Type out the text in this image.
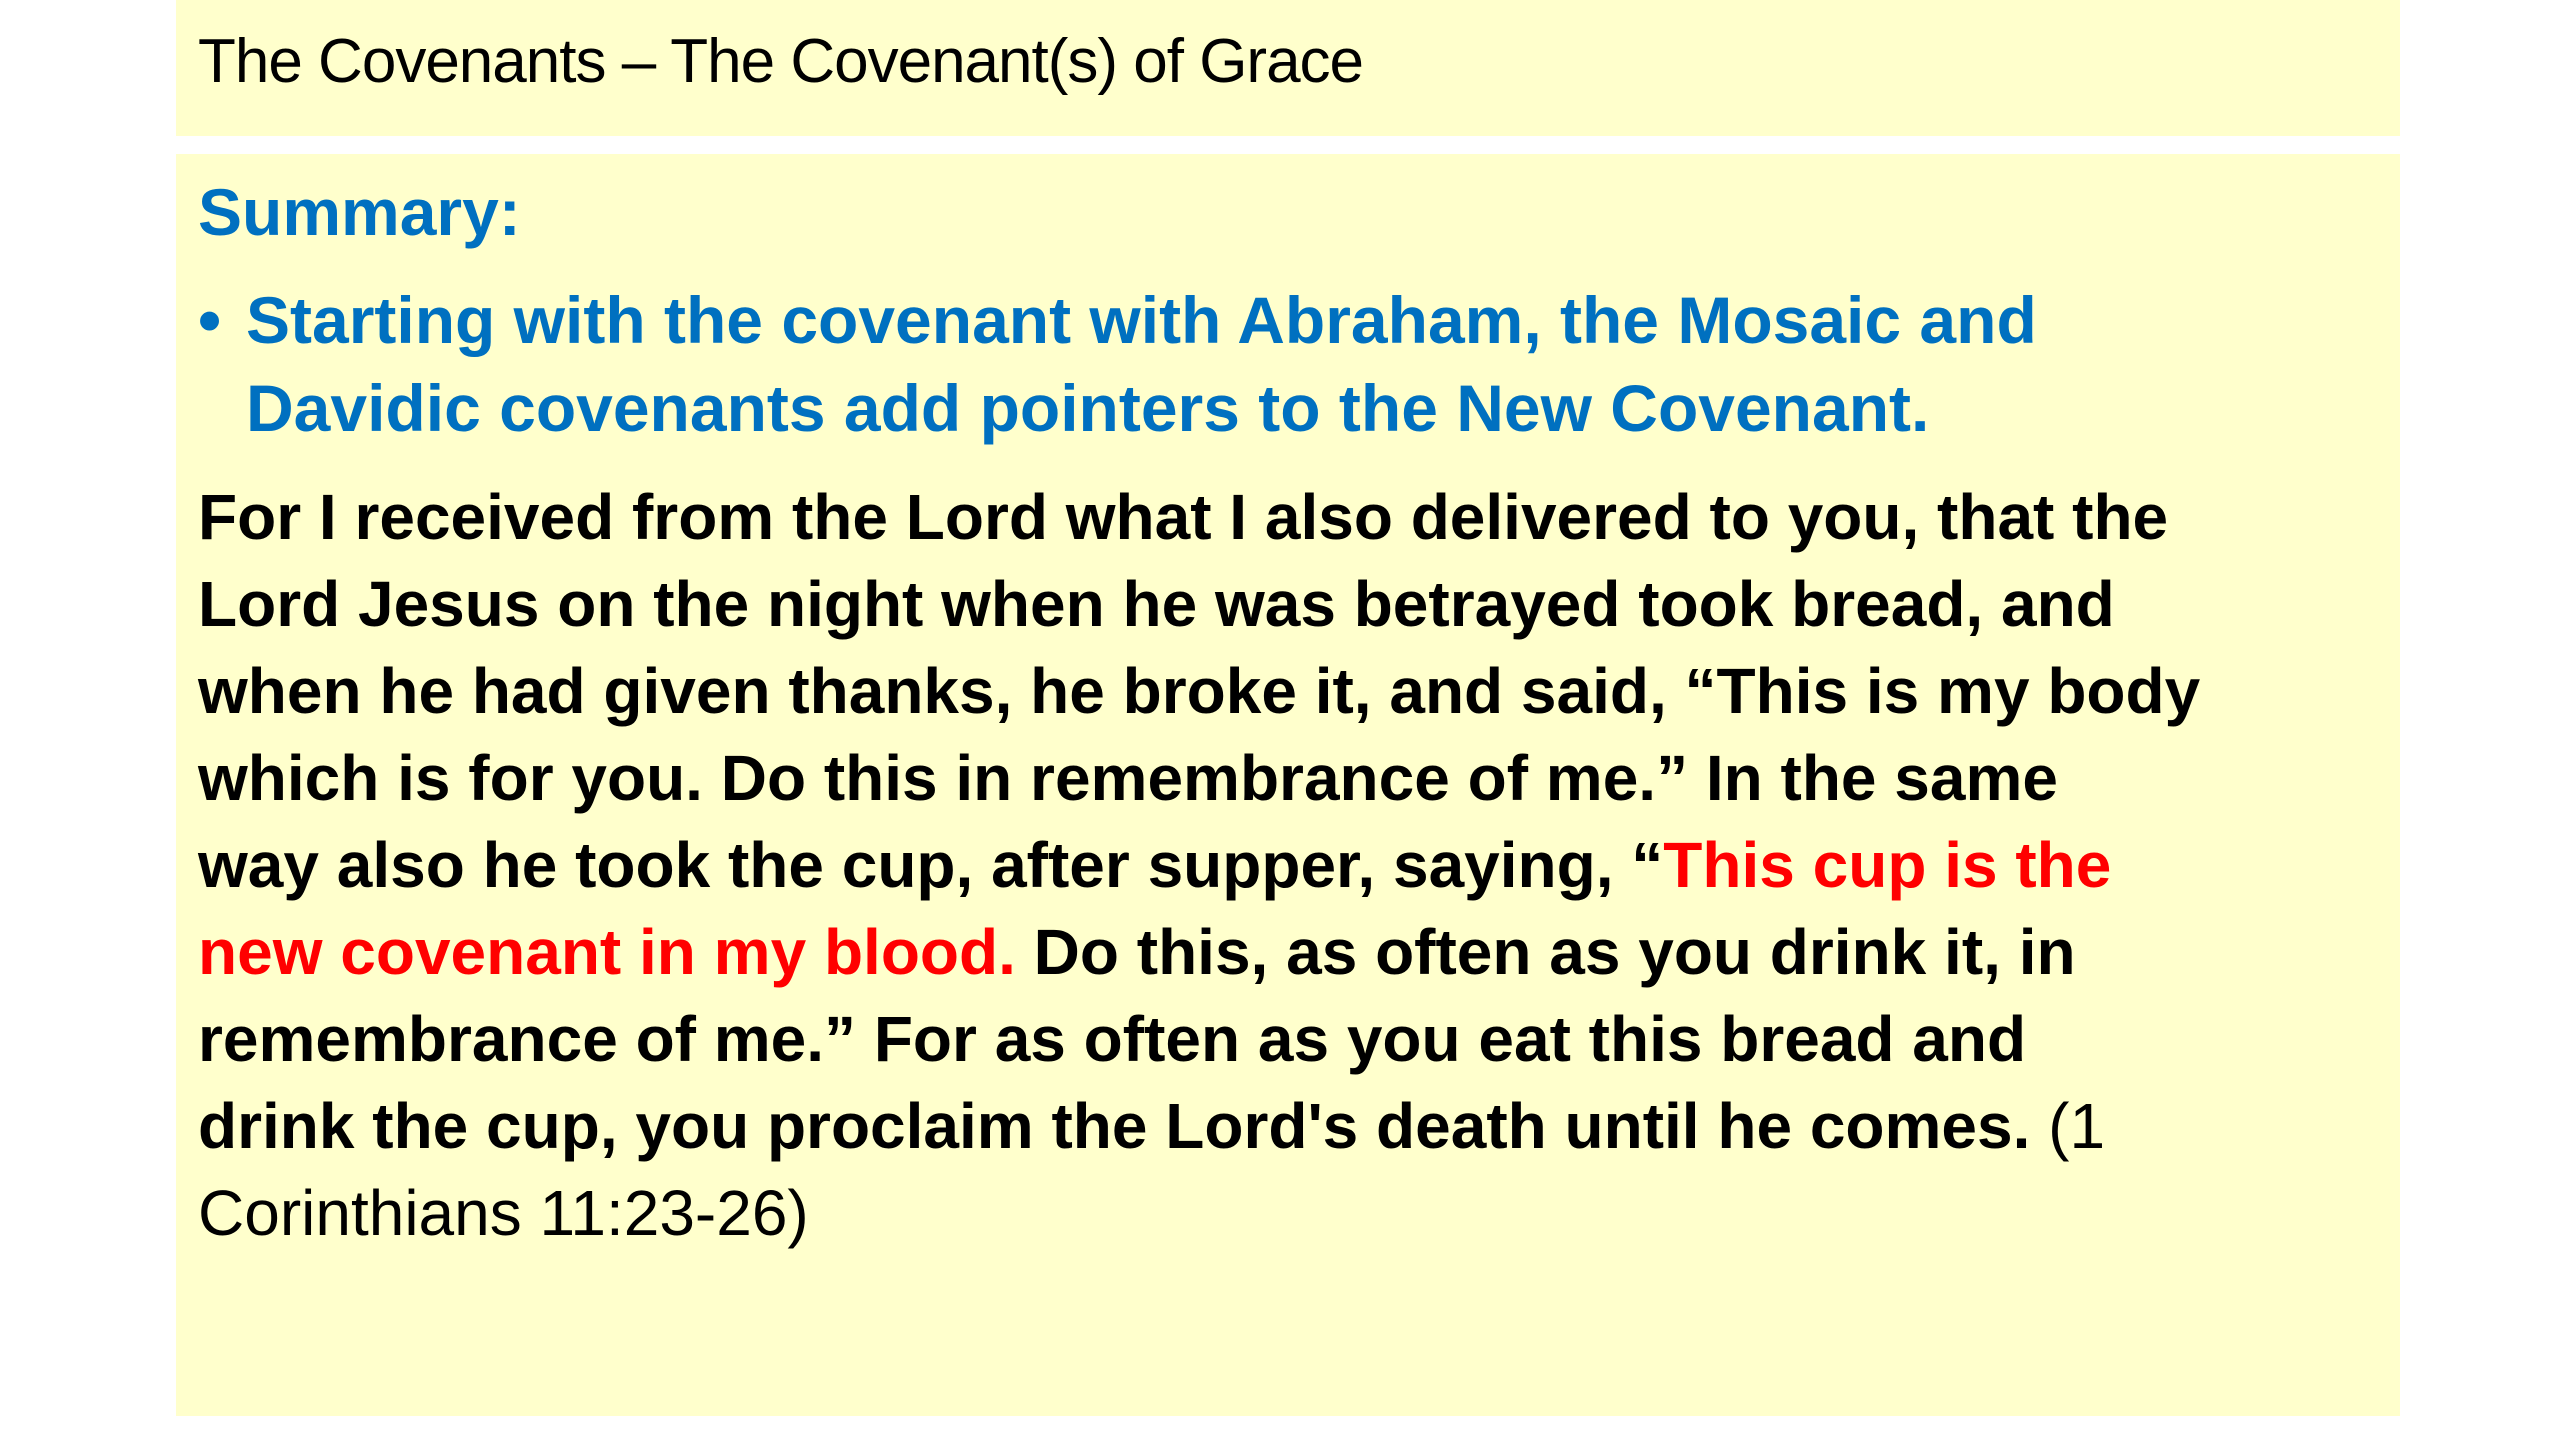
The Covenants – The Covenant(s) of Grace
Summary:
• Starting with the covenant with Abraham, the Mosaic and
Davidic covenants add pointers to the New Covenant.
For I received from the Lord what I also delivered to you, that the
Lord Jesus on the night when he was betrayed took bread, and
when he had given thanks, he broke it, and said, “This is my body
which is for you. Do this in remembrance of me.” In the same
way also he took the cup, after supper, saying, “This cup is the
new covenant in my blood. Do this, as often as you drink it, in
remembrance of me.” For as often as you eat this bread and
drink the cup, you proclaim the Lord's death until he comes. (1
Corinthians 11:23-26)
